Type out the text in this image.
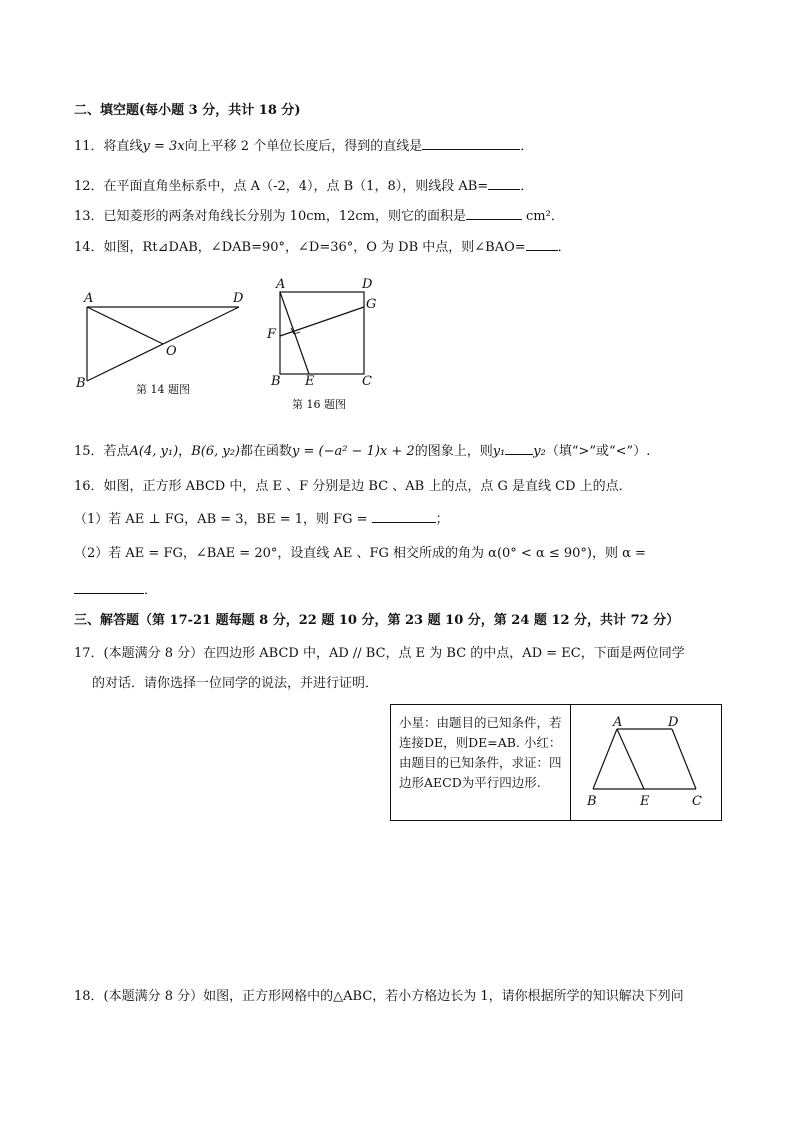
二、填空题(每小题 3 分，共计 18 分)
11．将直线y = 3x向上平移 2 个单位长度后，得到的直线是	．
12．在平面直角坐标系中，点 A（-2，4），点 B（1，8），则线段 AB= ．
13．已知菱形的两条对角线长分别为 10cm，12cm，则它的面积是	cm²．
14．如图，Rt⊿DAB，∠DAB=90°，∠D=36°，O 为 DB 中点，则∠BAO= ．
A	D
O
B	第 14 题图
A	D
G
F
B E	C
第 16 题图
15．若点A(4, y₁)，B(6, y₂)都在函数y = (−a² − 1)x + 2的图象上，则y₁ y₂（填“>”或“<”）.
16．如图，正方形 ABCD 中，点 E 、F 分别是边 BC 、AB 上的点，点 G 是直线 CD 上的点．
（1）若 AE ⊥ FG，AB = 3，BE = 1，则 FG =	；
（2）若 AE = FG，∠BAE = 20°，设直线 AE 、FG 相交所成的角为 α(0° < α ≤ 90°)，则 α =
．
三、解答题（第 17-21 题每题 8 分，22 题 10 分，第 23 题 10 分，第 24 题 12 分，共计 72 分）
17．(本题满分 8 分）在四边形 ABCD 中，AD // BC，点 E 为 BC 的中点，AD = EC，下面是两位同学
的对话．请你选择一位同学的说法，并进行证明．
小星：由题目的已知条件，若连接DE，则DE=AB. 小红：由题目的已知条件，求证：四边形AECD为平行四边形.
A	D
B	E	C
18．(本题满分 8 分）如图，正方形网格中的△ABC，若小方格边长为 1，请你根据所学的知识解决下列问
